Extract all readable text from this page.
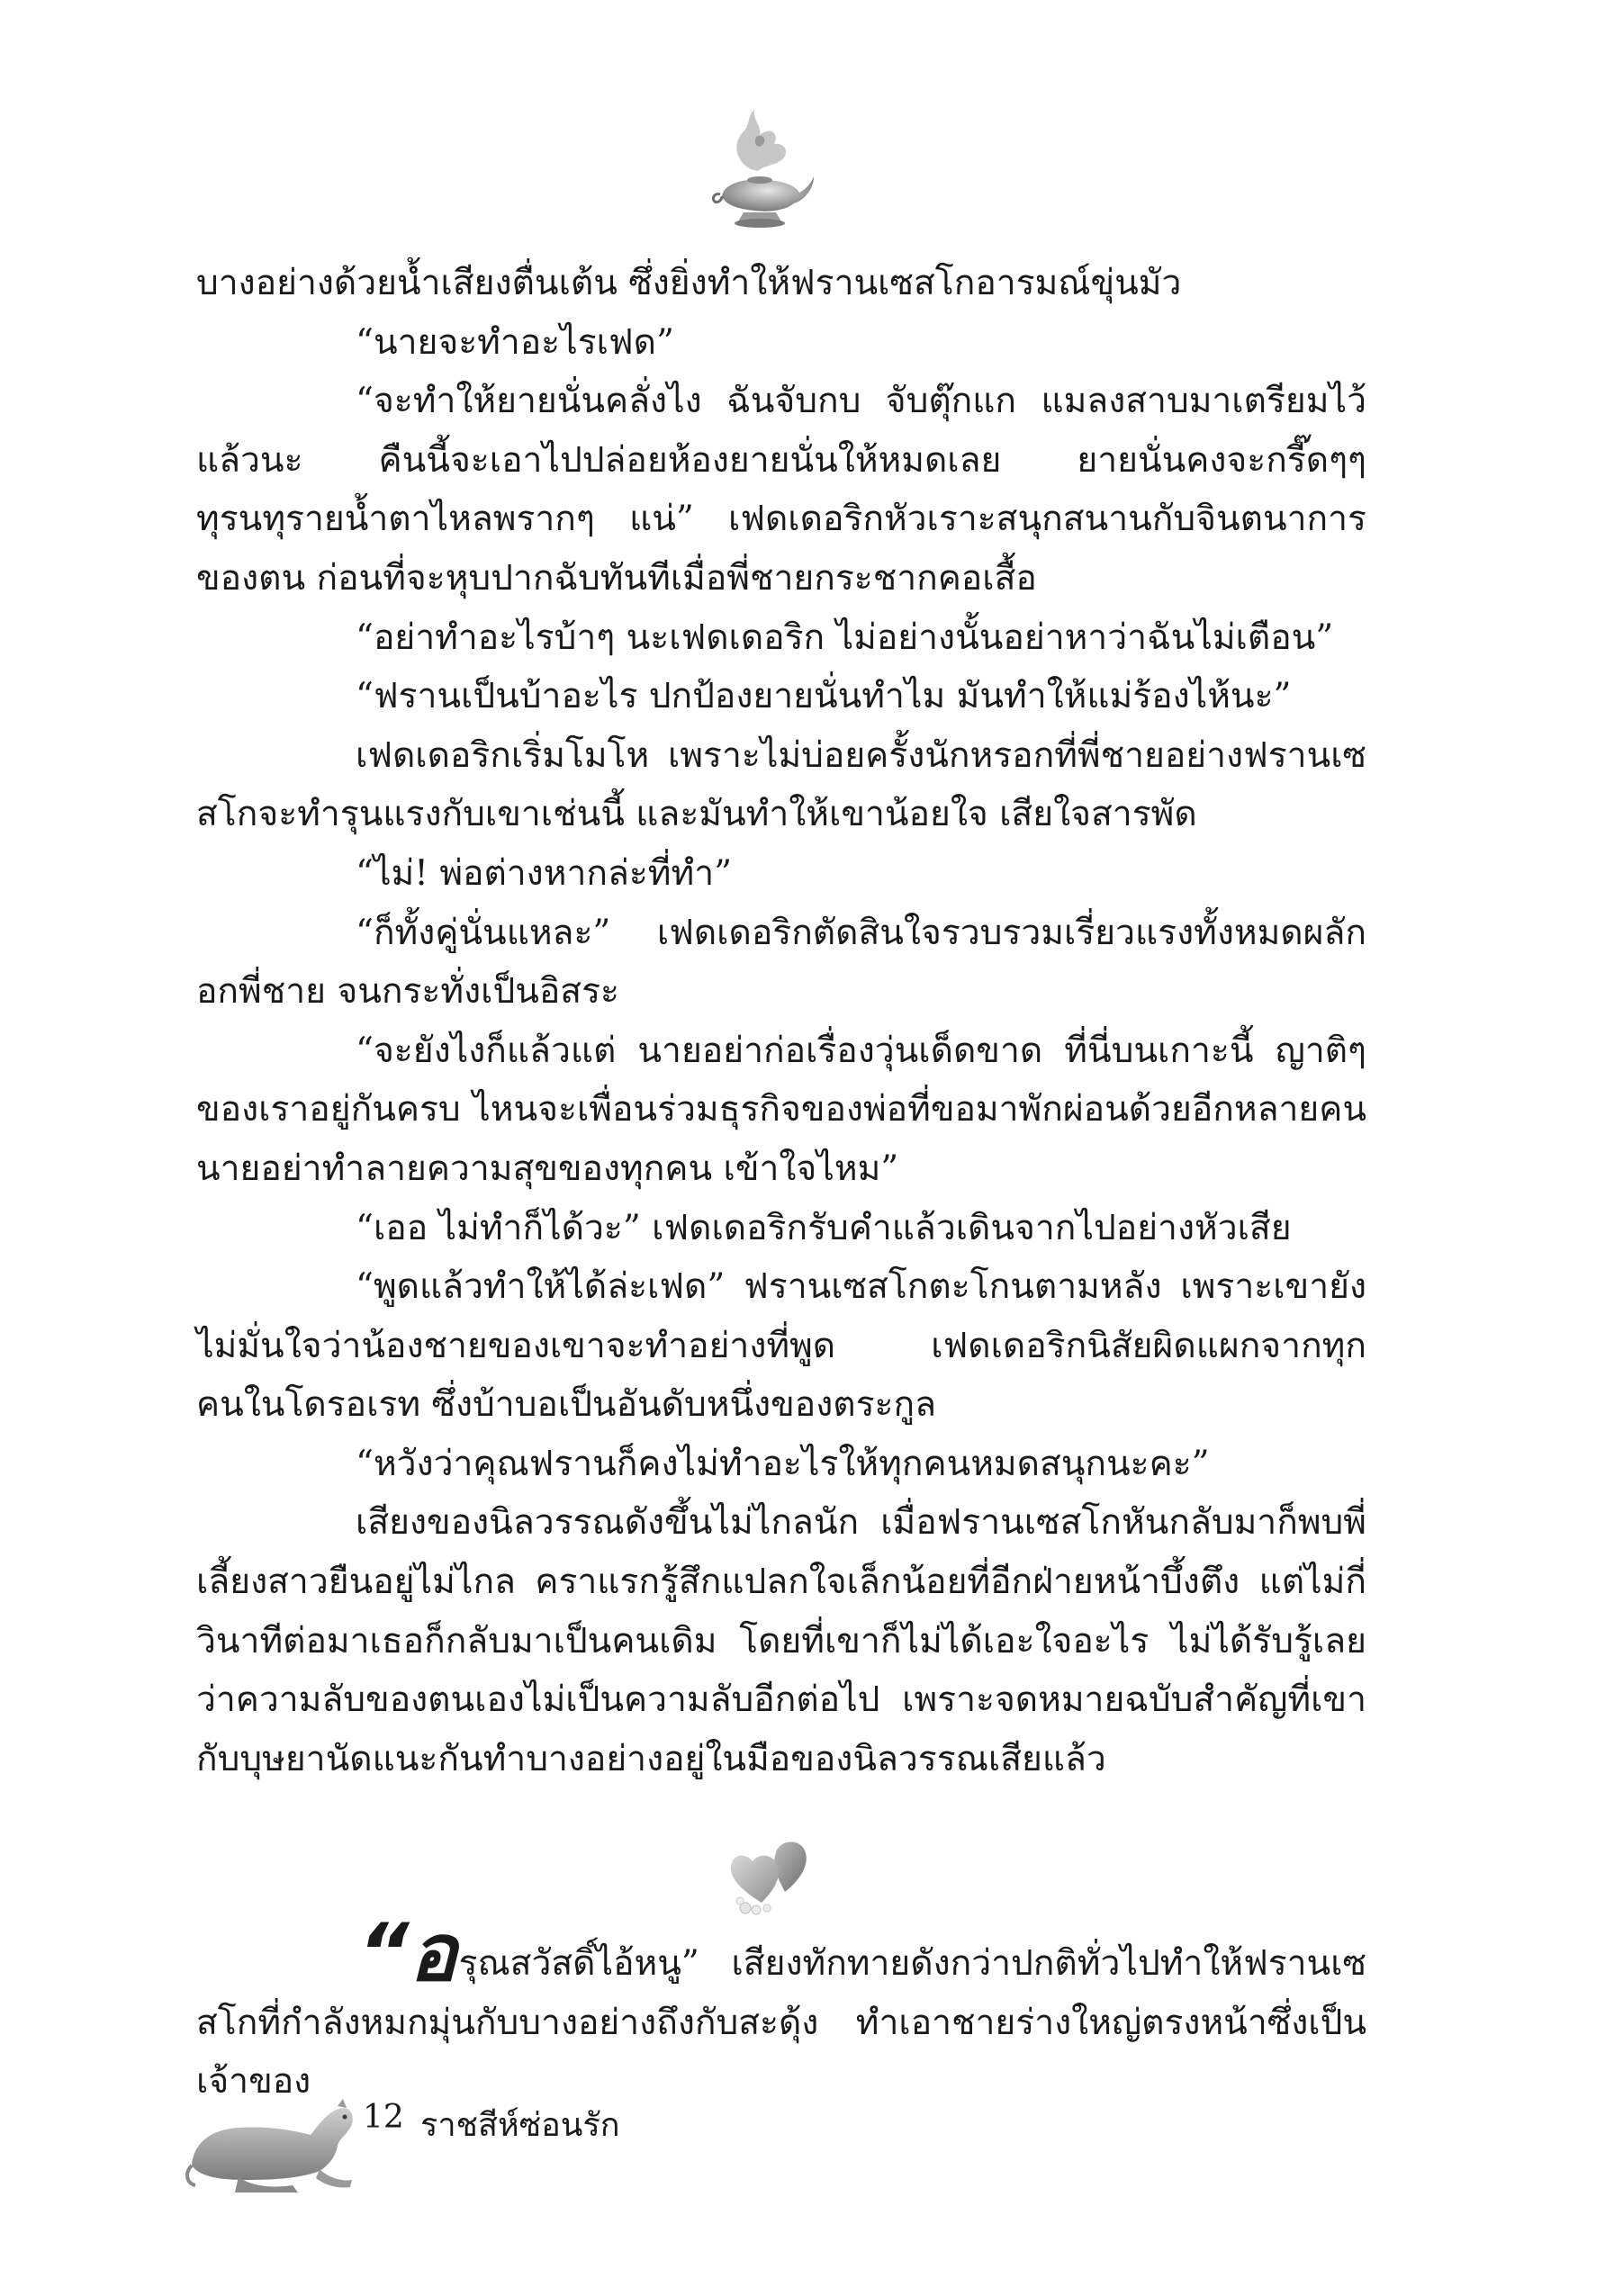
บางอย่างด้วยน้ำเสียงตื่นเต้น ซึ่งยิ่งทำให้ฟรานเซสโกอารมณ์ขุ่นมัว

“นายจะทำอะไรเฟด”

“จะทำให้ยายนั่นคลั่งไง ฉันจับกบ จับตุ๊กแก แมลงสาบมาเตรียมไว้แล้วนะ คืนนี้จะเอาไปปล่อยห้องยายนั่นให้หมดเลย ยายนั่นคงจะกรี๊ดๆๆ ทุรนทุรายน้ำตาไหลพรากๆ แน่” เฟดเดอริกหัวเราะสนุกสนานกับจินตนาการของตน ก่อนที่จะหุบปากฉับทันทีเมื่อพี่ชายกระชากคอเสื้อ

“อย่าทำอะไรบ้าๆ นะเฟดเดอริก ไม่อย่างนั้นอย่าหาว่าฉันไม่เตือน”

“ฟรานเป็นบ้าอะไร ปกป้องยายนั่นทำไม มันทำให้แม่ร้องไห้นะ”

เฟดเดอริกเริ่มโมโห เพราะไม่บ่อยครั้งนักหรอกที่พี่ชายอย่างฟรานเซสโกจะทำรุนแรงกับเขาเช่นนี้ และมันทำให้เขาน้อยใจ เสียใจสารพัด

“ไม่! พ่อต่างหากล่ะที่ทำ”

“ก็ทั้งคู่นั่นแหละ” เฟดเดอริกตัดสินใจรวบรวมเรี่ยวแรงทั้งหมดผลักอกพี่ชาย จนกระทั่งเป็นอิสระ

“จะยังไงก็แล้วแต่ นายอย่าก่อเรื่องวุ่นเด็ดขาด ที่นี่บนเกาะนี้ ญาติๆ ของเราอยู่กันครบ ไหนจะเพื่อนร่วมธุรกิจของพ่อที่ขอมาพักผ่อนด้วยอีกหลายคน นายอย่าทำลายความสุขของทุกคน เข้าใจไหม”

“เออ ไม่ทำก็ได้วะ” เฟดเดอริกรับคำแล้วเดินจากไปอย่างหัวเสีย

“พูดแล้วทำให้ได้ล่ะเฟด” ฟรานเซสโกตะโกนตามหลัง เพราะเขายังไม่มั่นใจว่าน้องชายของเขาจะทำอย่างที่พูด เฟดเดอริกนิสัยผิดแผกจากทุกคนในโดรอเรท ซึ่งบ้าบอเป็นอันดับหนึ่งของตระกูล

“หวังว่าคุณฟรานก็คงไม่ทำอะไรให้ทุกคนหมดสนุกนะคะ”

เสียงของนิลวรรณดังขึ้นไม่ไกลนัก เมื่อฟรานเซสโกหันกลับมาก็พบพี่เลี้ยงสาวยืนอยู่ไม่ไกล คราแรกรู้สึกแปลกใจเล็กน้อยที่อีกฝ่ายหน้าบึ้งตึง แต่ไม่กี่วินาทีต่อมาเธอก็กลับมาเป็นคนเดิม โดยที่เขาก็ไม่ได้เอะใจอะไร ไม่ได้รับรู้เลยว่าความลับของตนเองไม่เป็นความลับอีกต่อไป เพราะจดหมายฉบับสำคัญที่เขากับบุษยานัดแนะกันทำบางอย่างอยู่ในมือของนิลวรรณเสียแล้ว

“อรุณสวัสดิ์ไอ้หนู” เสียงทักทายดังกว่าปกติทั่วไปทำให้ฟรานเซสโกที่กำลังหมกมุ่นกับบางอย่างถึงกับสะดุ้ง ทำเอาชายร่างใหญ่ตรงหน้าซึ่งเป็นเจ้าของ

12 ราชสีห์ซ่อนรัก
